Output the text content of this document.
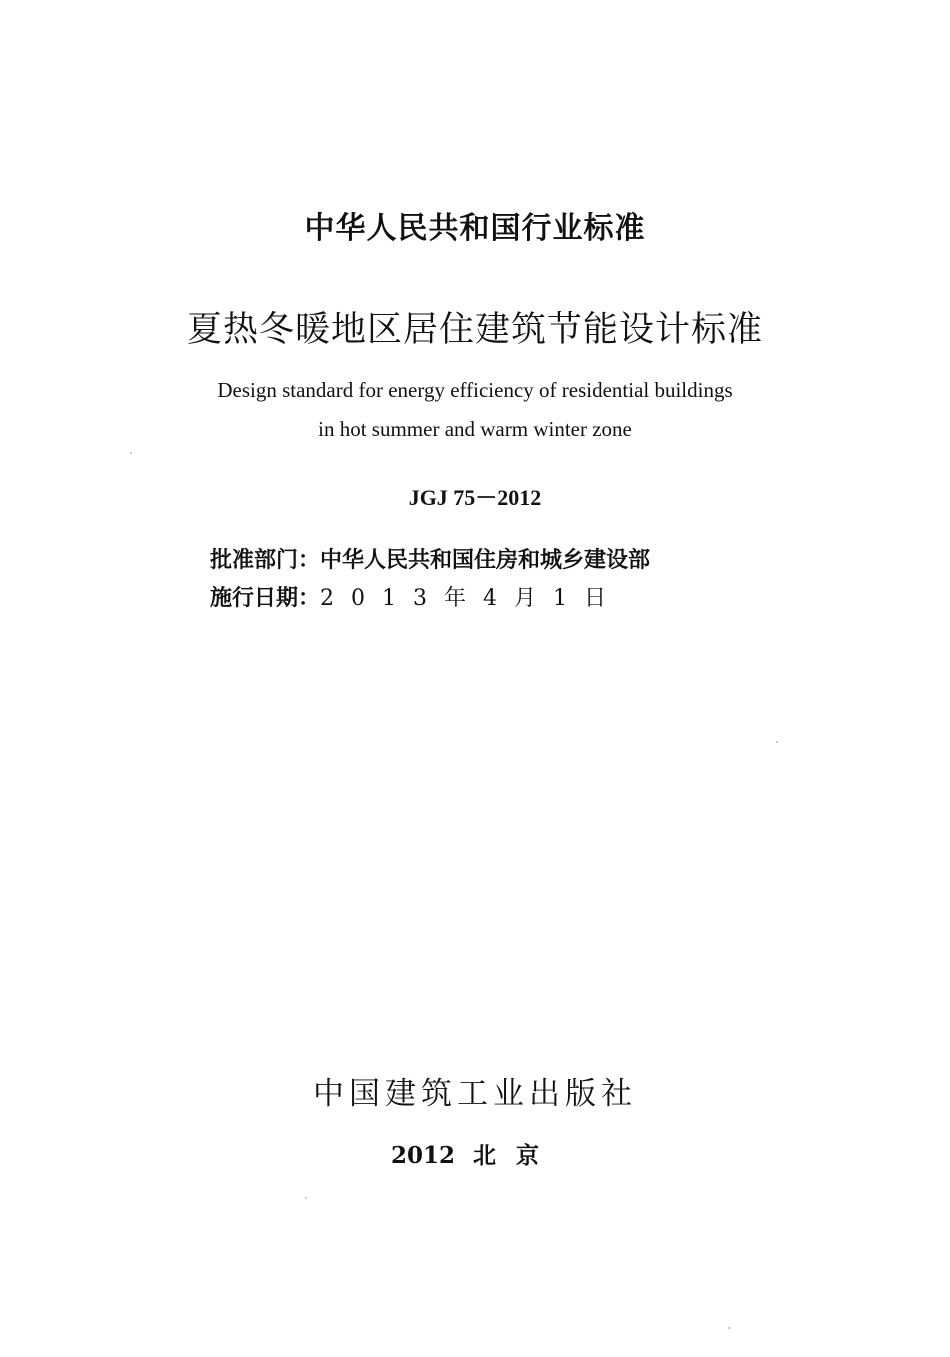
中华人民共和国行业标准
夏热冬暖地区居住建筑节能设计标准
Design standard for energy efficiency of residential buildings
in hot summer and warm winter zone
JGJ 75－2012
批准部门：中华人民共和国住房和城乡建设部
施行日期：2013年4月1日
中国建筑工业出版社
2012 北京
